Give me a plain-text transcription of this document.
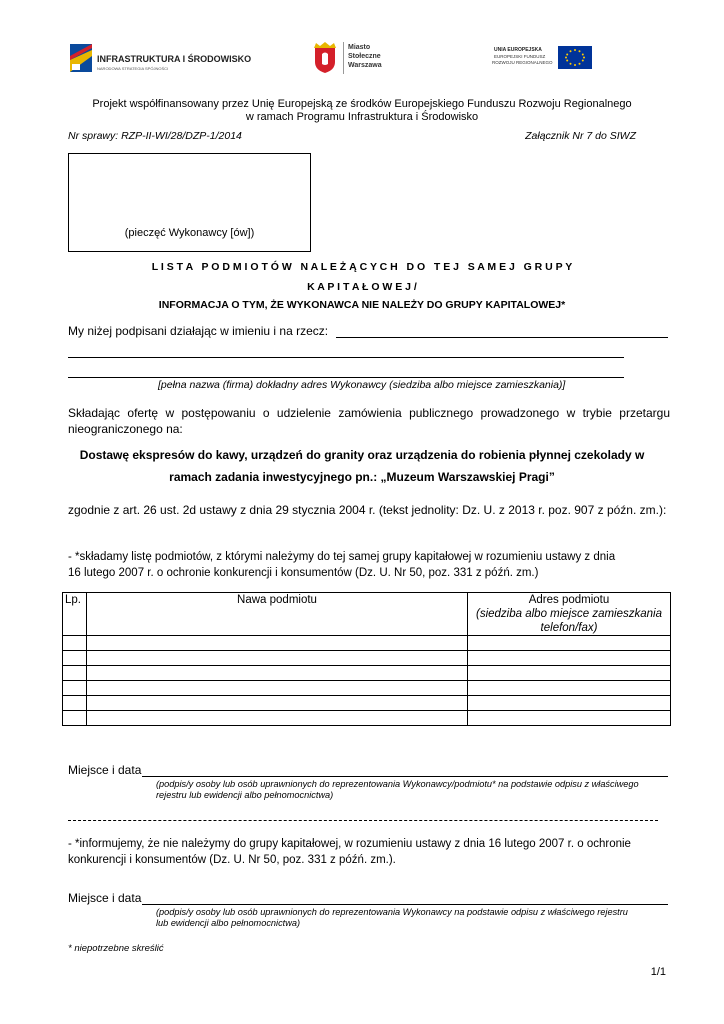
INFRASTRUKTURA I ŚRODOWISKO
NARODOWA STRATEGIA SPÓJNOŚCI
Miasto
Stołeczne
Warszawa
UNIA EUROPEJSKA
EUROPEJSKI FUNDUSZ
ROZWOJU REGIONALNEGO
Projekt współfinansowany przez Unię Europejską ze środków Europejskiego Funduszu Rozwoju Regionalnego
w ramach Programu Infrastruktura i Środowisko
Nr sprawy: RZP-II-WI/28/DZP-1/2014	Załącznik Nr 7 do SIWZ
(pieczęć Wykonawcy [ów])
L I S T A   P O D M I O T Ó W   N A L E Ż Ą C Y C H   D O   T E J   S A M E J   G R U P Y
K A P I T A Ł O W E J /
INFORMACJA O TYM, ŻE WYKONAWCA NIE NALEŻY DO GRUPY KAPITALOWEJ*
My niżej podpisani działając w imieniu i na rzecz:
[pełna nazwa (firma) dokładny adres Wykonawcy (siedziba albo miejsce zamieszkania)]
Składając ofertę w postępowaniu o udzielenie zamówienia publicznego prowadzonego w trybie przetargu nieograniczonego na:
Dostawę ekspresów do kawy, urządzeń do granity oraz urządzenia do robienia płynnej czekolady w
ramach zadania inwestycyjnego pn.: „Muzeum Warszawskiej Pragi”
zgodnie z art. 26 ust. 2d ustawy z dnia 29 stycznia 2004 r. (tekst jednolity: Dz. U. z 2013 r. poz. 907 z późn. zm.):
- *składamy listę podmiotów, z którymi należymy do tej samej grupy kapitałowej w rozumieniu ustawy z dnia
16 lutego 2007 r. o ochronie konkurencji i konsumentów (Dz. U. Nr 50, poz. 331 z późń. zm.)
Lp.	Nawa podmiotu	Adres podmiotu
(siedziba albo miejsce zamieszkania
telefon/fax)

Miejsce i data
(podpis/y osoby lub osób uprawnionych do reprezentowania Wykonawcy/podmiotu* na podstawie odpisu z właściwego
rejestru lub ewidencji albo pełnomocnictwa)
- *informujemy, że nie należymy do grupy kapitałowej, w rozumieniu ustawy z dnia 16 lutego 2007 r. o ochronie
konkurencji i konsumentów (Dz. U. Nr 50, poz. 331 z późń. zm.).
Miejsce i data
(podpis/y osoby lub osób uprawnionych do reprezentowania Wykonawcy na podstawie odpisu z właściwego rejestru
lub ewidencji albo pełnomocnictwa)
* niepotrzebne skreślić
1/1
